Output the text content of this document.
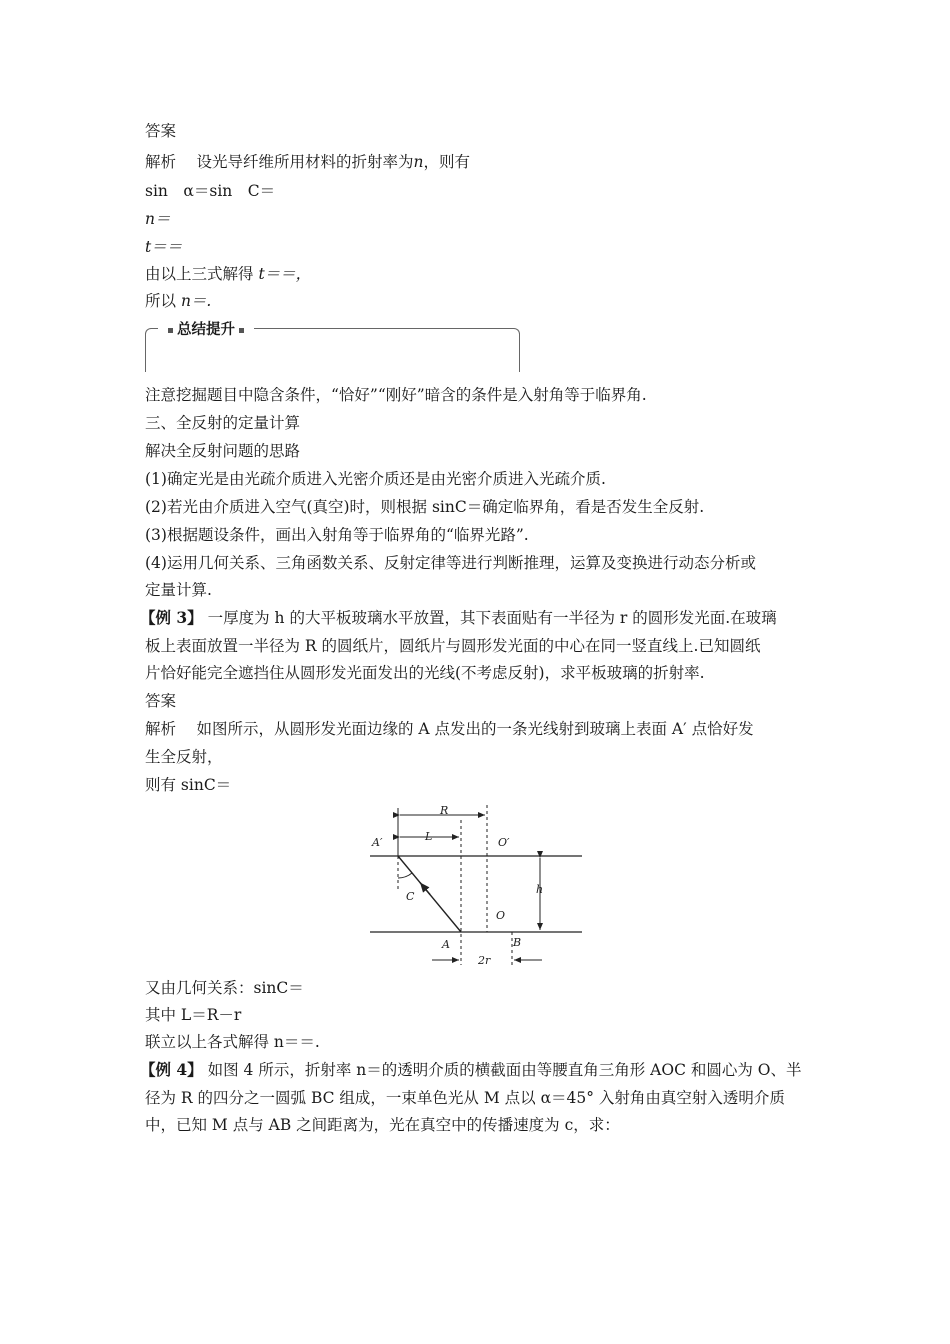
答案
解析　 设光导纤维所用材料的折射率为n，则有
sin　α＝sin　C＝
n＝
t＝＝
由以上三式解得 t＝＝，
所以 n＝.
总结提升
注意挖掘题目中隐含条件，“恰好”“刚好”暗含的条件是入射角等于临界角.
三、全反射的定量计算
解决全反射问题的思路
(1)确定光是由光疏介质进入光密介质还是由光密介质进入光疏介质.
(2)若光由介质进入空气(真空)时，则根据 sinC＝确定临界角，看是否发生全反射.
(3)根据题设条件，画出入射角等于临界角的“临界光路”.
(4)运用几何关系、三角函数关系、反射定律等进行判断推理，运算及变换进行动态分析或
定量计算.
【例 3】 一厚度为 h 的大平板玻璃水平放置，其下表面贴有一半径为 r 的圆形发光面.在玻璃
板上表面放置一半径为 R 的圆纸片，圆纸片与圆形发光面的中心在同一竖直线上.已知圆纸
片恰好能完全遮挡住从圆形发光面发出的光线(不考虑反射)，求平板玻璃的折射率.
答案
解析　 如图所示，从圆形发光面边缘的 A 点发出的一条光线射到玻璃上表面 A′ 点恰好发
生全反射，
则有 sinC＝
R
L
A′	O′
h
C
O
A	B
2r
又由几何关系：sinC＝
其中 L＝R－r
联立以上各式解得 n＝＝.
【例 4】 如图 4 所示，折射率 n＝的透明介质的横截面由等腰直角三角形 AOC 和圆心为 O、半
径为 R 的四分之一圆弧 BC 组成，一束单色光从 M 点以 α＝45° 入射角由真空射入透明介质
中，已知 M 点与 AB 之间距离为，光在真空中的传播速度为 c，求：
